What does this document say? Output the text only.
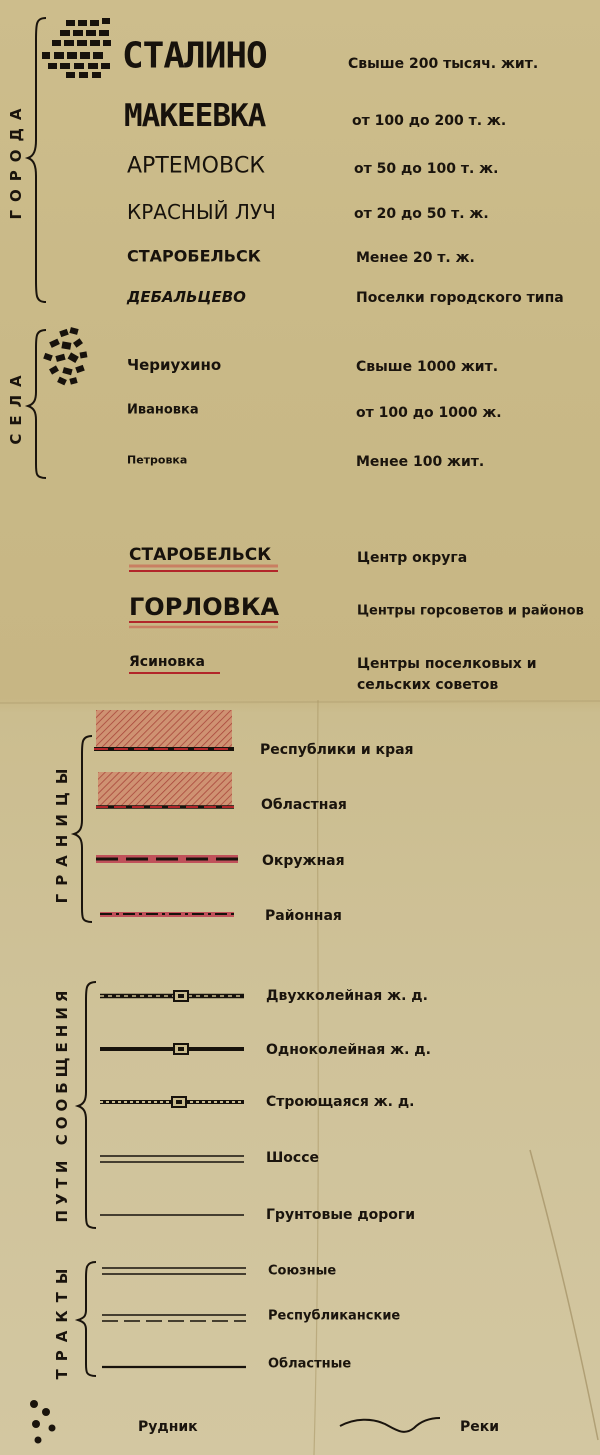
ГОРОДА
СЕЛА
ГРАНИЦЫ
ПУТИ СООБЩЕНИЯ
ТРАКТЫ
СТАЛИНО	Свыше 200 тысяч. жит.
МАКЕЕВКА	от 100 до 200 т. ж.
АРТЕМОВСК	от 50 до 100 т. ж.
КРАСНЫЙ ЛУЧ	от 20 до 50 т. ж.
СТАРОБЕЛЬСК	Менее 20 т. ж.
ДЕБАЛЬЦЕВО	Поселки городского типа
Чериухино	Свыше 1000 жит.
Ивановка	от 100 до 1000 ж.
Петровка	Менее 100 жит.
СТАРОБЕЛЬСК	Центр округа
ГОРЛОВКА	Центры горсоветов и районов
Ясиновка	Центры поселковых и
сельских советов
Республики и края
Областная
Окружная
Районная
Двухколейная ж. д.
Одноколейная ж. д.
Строющаяся ж. д.
Шоссе
Грунтовые дороги
Союзные
Республиканские
Областные
Рудник	Реки
